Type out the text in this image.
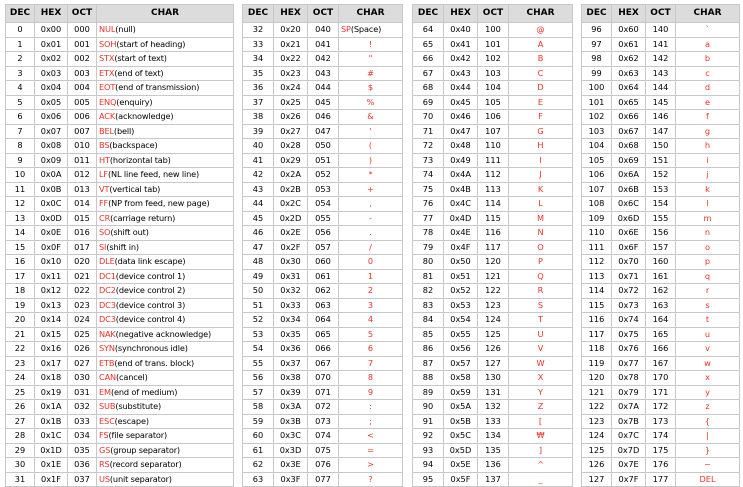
DEC	HEX	OCT	CHAR
0	0x00	000	NUL(null)
1	0x01	001	SOH(start of heading)
2	0x02	002	STX(start of text)
3	0x03	003	ETX(end of text)
4	0x04	004	EOT(end of transmission)
5	0x05	005	ENQ(enquiry)
6	0x06	006	ACK(acknowledge)
7	0x07	007	BEL(bell)
8	0x08	010	BS(backspace)
9	0x09	011	HT(horizontal tab)
10	0x0A	012	LF(NL line feed, new line)
11	0x0B	013	VT(vertical tab)
12	0x0C	014	FF(NP from feed, new page)
13	0x0D	015	CR(carriage return)
14	0x0E	016	SO(shift out)
15	0x0F	017	SI(shift in)
16	0x10	020	DLE(data link escape)
17	0x11	021	DC1(device control 1)
18	0x12	022	DC2(device control 2)
19	0x13	023	DC3(device control 3)
20	0x14	024	DC3(device control 4)
21	0x15	025	NAK(negative acknowledge)
22	0x16	026	SYN(synchronous idle)
23	0x17	027	ETB(end of trans. block)
24	0x18	030	CAN(cancel)
25	0x19	031	EM(end of medium)
26	0x1A	032	SUB(substitute)
27	0x1B	033	ESC(escape)
28	0x1C	034	FS(file separator)
29	0x1D	035	GS(group separator)
30	0x1E	036	RS(record separator)
31	0x1F	037	US(unit separator)
DEC	HEX	OCT	CHAR
32	0x20	040	SP(Space)
33	0x21	041	!
34	0x22	042	"
35	0x23	043	#
36	0x24	044	$
37	0x25	045	%
38	0x26	046	&
39	0x27	047	'
40	0x28	050	(
41	0x29	051	)
42	0x2A	052	*
43	0x2B	053	+
44	0x2C	054	,
45	0x2D	055	-
46	0x2E	056	.
47	0x2F	057	/
48	0x30	060	0
49	0x31	061	1
50	0x32	062	2
51	0x33	063	3
52	0x34	064	4
53	0x35	065	5
54	0x36	066	6
55	0x37	067	7
56	0x38	070	8
57	0x39	071	9
58	0x3A	072	:
59	0x3B	073	;
60	0x3C	074	<
61	0x3D	075	=
62	0x3E	076	>
63	0x3F	077	?
DEC	HEX	OCT	CHAR
64	0x40	100	@
65	0x41	101	A
66	0x42	102	B
67	0x43	103	C
68	0x44	104	D
69	0x45	105	E
70	0x46	106	F
71	0x47	107	G
72	0x48	110	H
73	0x49	111	I
74	0x4A	112	J
75	0x4B	113	K
76	0x4C	114	L
77	0x4D	115	M
78	0x4E	116	N
79	0x4F	117	O
80	0x50	120	P
81	0x51	121	Q
82	0x52	122	R
83	0x53	123	S
84	0x54	124	T
85	0x55	125	U
86	0x56	126	V
87	0x57	127	W
88	0x58	130	X
89	0x59	131	Y
90	0x5A	132	Z
91	0x5B	133	[
92	0x5C	134	₩
93	0x5D	135	]
94	0x5E	136	^
95	0x5F	137	_
DEC	HEX	OCT	CHAR
96	0x60	140	`
97	0x61	141	a
98	0x62	142	b
99	0x63	143	c
100	0x64	144	d
101	0x65	145	e
102	0x66	146	f
103	0x67	147	g
104	0x68	150	h
105	0x69	151	i
106	0x6A	152	j
107	0x6B	153	k
108	0x6C	154	l
109	0x6D	155	m
110	0x6E	156	n
111	0x6F	157	o
112	0x70	160	p
113	0x71	161	q
114	0x72	162	r
115	0x73	163	s
116	0x74	164	t
117	0x75	165	u
118	0x76	166	v
119	0x77	167	w
120	0x78	170	x
121	0x79	171	y
122	0x7A	172	z
123	0x7B	173	{
124	0x7C	174	|
125	0x7D	175	}
126	0x7E	176	~
127	0x7F	177	DEL
